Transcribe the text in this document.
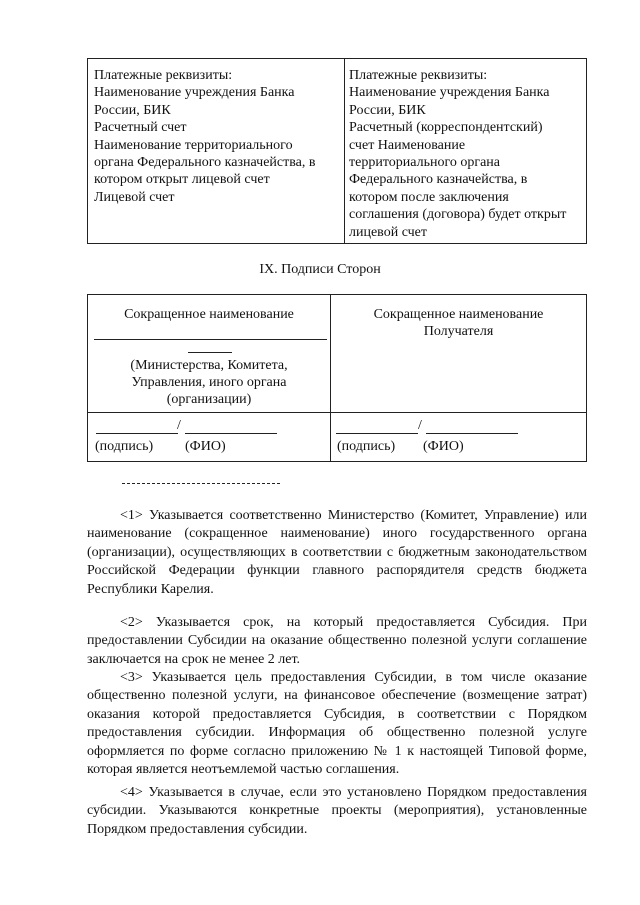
Платежные реквизиты:
Наименование учреждения Банка
России, БИК
Расчетный счет
Наименование территориального
органа Федерального казначейства, в
котором открыт лицевой счет
Лицевой счет
Платежные реквизиты:
Наименование учреждения Банка
России, БИК
Расчетный (корреспондентский)
счет Наименование
территориального органа
Федерального казначейства, в
котором после заключения
соглашения (договора) будет открыт
лицевой счет
IX. Подписи Сторон
Сокращенное наименование
(Министерства, Комитета,
Управления, иного органа
(организации)
Сокращенное наименование
Получателя
/
(подпись) (ФИО)
/
(подпись) (ФИО)

<1> Указывается соответственно Министерство (Комитет, Управление) или наименование (сокращенное наименование) иного государственного органа (организации), осуществляющих в соответствии с бюджетным законодательством Российской Федерации функции главного распорядителя средств бюджета Республики Карелия.

<2> Указывается срок, на который предоставляется Субсидия. При предоставлении Субсидии на оказание общественно полезной услуги соглашение заключается на срок не менее 2 лет.

<3> Указывается цель предоставления Субсидии, в том числе оказание общественно полезной услуги, на финансовое обеспечение (возмещение затрат) оказания которой предоставляется Субсидия, в соответствии с Порядком предоставления субсидии. Информация об общественно полезной услуге оформляется по форме согласно приложению № 1 к настоящей Типовой форме, которая является неотъемлемой частью соглашения.

<4> Указывается в случае, если это установлено Порядком предоставления субсидии. Указываются конкретные проекты (мероприятия), установленные Порядком предоставления субсидии.
